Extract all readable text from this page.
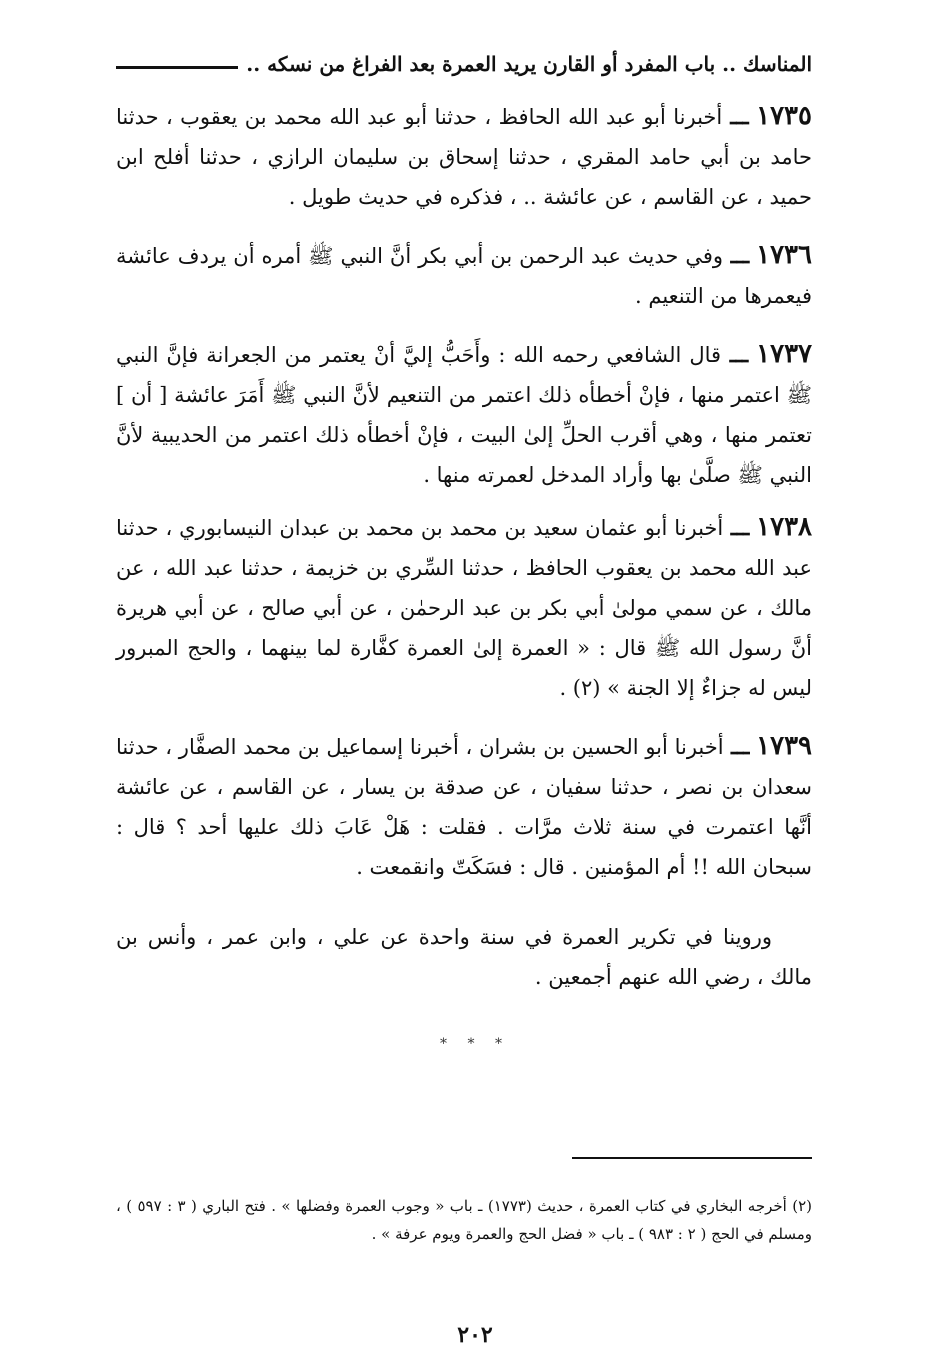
المناسك .. باب المفرد أو القارن يريد العمرة بعد الفراغ من نسكه ..

١٧٣٥ ـــ أخبرنا أبو عبد الله الحافظ ، حدثنا أبو عبد الله محمد بن يعقوب ، حدثنا حامد بن أبي حامد المقري ، حدثنا إسحاق بن سليمان الرازي ، حدثنا أفلح ابن حميد ، عن القاسم ، عن عائشة .. ، فذكره في حديث طويل .

١٧٣٦ ـــ وفي حديث عبد الرحمن بن أبي بكر أنَّ النبي ﷺ أمره أن يردف عائشة فيعمرها من التنعيم .

١٧٣٧ ـــ قال الشافعي رحمه الله : وأَحَبُّ إليَّ أنْ يعتمر من الجعرانة فإنَّ النبي ﷺ اعتمر منها ، فإنْ أخطأه ذلك اعتمر من التنعيم لأنَّ النبي ﷺ أَمَرَ عائشة [ أن ] تعتمر منها ، وهي أقرب الحلِّ إلىٰ البيت ، فإنْ أخطأه ذلك اعتمر من الحديبية لأنَّ النبي ﷺ صلَّىٰ بها وأراد المدخل لعمرته منها .

١٧٣٨ ـــ أخبرنا أبو عثمان سعيد بن محمد بن محمد بن عبدان النيسابوري ، حدثنا عبد الله محمد بن يعقوب الحافظ ، حدثنا السِّري بن خزيمة ، حدثنا عبد الله ، عن مالك ، عن سمي مولىٰ أبي بكر بن عبد الرحمٰن ، عن أبي صالح ، عن أبي هريرة أنَّ رسول الله ﷺ قال : « العمرة إلىٰ العمرة كفَّارة لما بينهما ، والحج المبرور ليس له جزاءٌ إلا الجنة » (٢) .

١٧٣٩ ـــ أخبرنا أبو الحسين بن بشران ، أخبرنا إسماعيل بن محمد الصفَّار ، حدثنا سعدان بن نصر ، حدثنا سفيان ، عن صدقة بن يسار ، عن القاسم ، عن عائشة أنَّها اعتمرت في سنة ثلاث مرَّات . فقلت : هَلْ عَابَ ذلك عليها أحد ؟ قال : سبحان الله !! أم المؤمنين . قال : فسَكَتّ وانقمعت .

وروينا في تكرير العمرة في سنة واحدة عن علي ، وابن عمر ، وأنس بن مالك ، رضي الله عنهم أجمعين .

* * *
(٢) أخرجه البخاري في كتاب العمرة ، حديث (١٧٧٣) ـ باب « وجوب العمرة وفضلها » . فتح الباري ( ٣ : ٥٩٧ ) ، ومسلم في الحج ( ٢ : ٩٨٣ ) ـ باب « فضل الحج والعمرة ويوم عرفة » .
٢٠٢
